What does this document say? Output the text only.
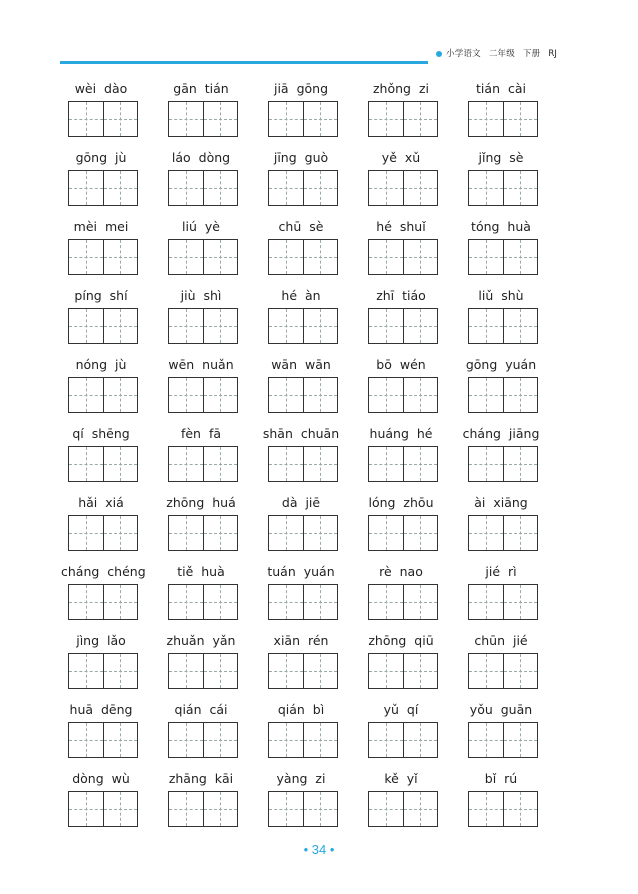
小学语文 二年级 下册 RJ
wèi dào	gān tián	jiā gōng	zhǒng zi	tián cài
gōng jù	láo dòng	jīng guò	yě xǔ	jǐng sè
mèi mei	liú yè	chū sè	hé shuǐ	tóng huà
píng shí	jiù shì	hé àn	zhī tiáo	liǔ shù
nóng jù	wēn nuǎn	wān wān	bō wén	gōng yuán
qí shēng	fèn fā	shān chuān	huáng hé	cháng jiāng
hǎi xiá	zhōng huá	dà jiē	lóng zhōu	ài xiāng
cháng chéng	tiě huà	tuán yuán	rè nao	jié rì
jìng lǎo	zhuǎn yǎn	xiān rén	zhōng qiū	chūn jié
huā dēng	qián cái	qián bì	yǔ qí	yǒu guān
dòng wù	zhāng kāi	yàng zi	kě yǐ	bǐ rú
• 34 •
